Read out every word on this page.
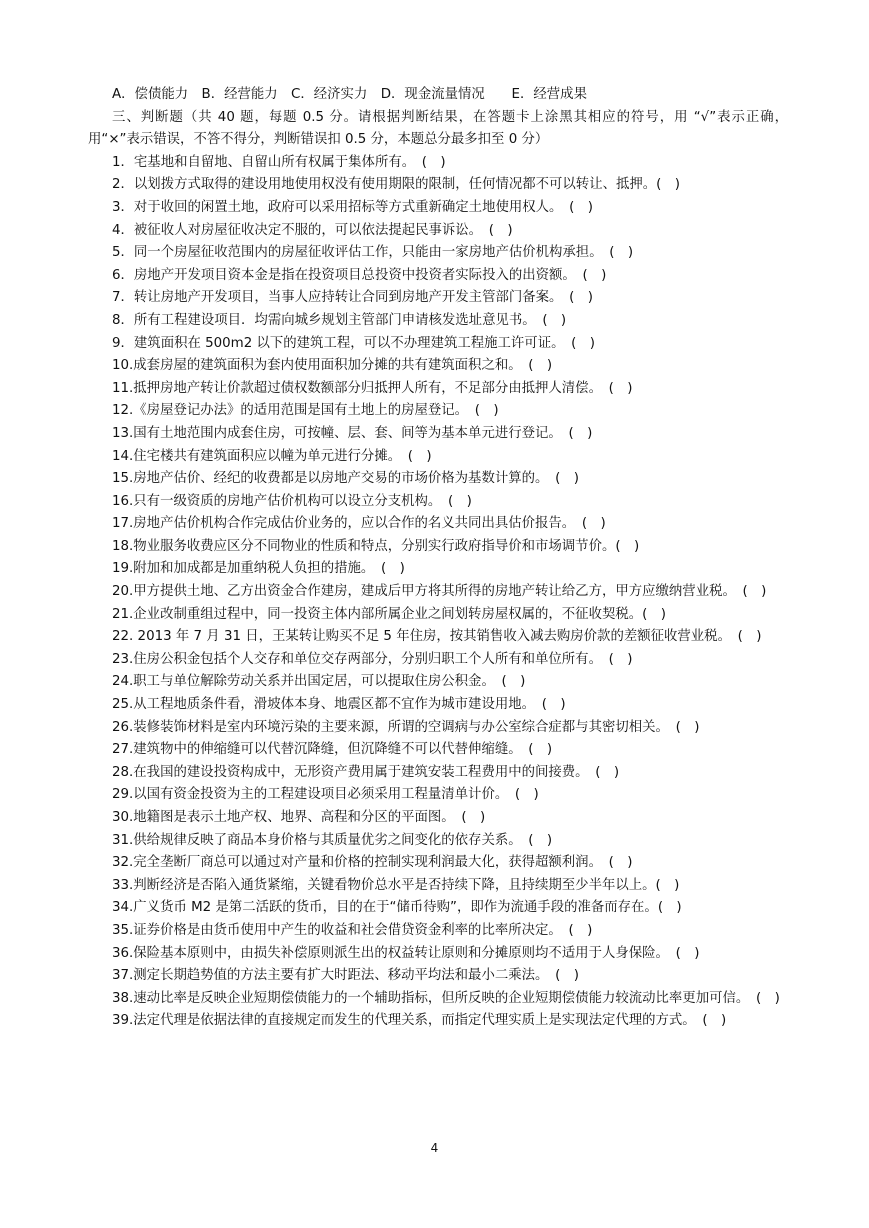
A．偿债能力　B．经营能力　C．经济实力　D．现金流量情况　　E．经营成果
三、判断题（共 40 题，每题 0.5 分。请根据判断结果，在答题卡上涂黑其相应的符号，用 “√”表示正确，用“×”表示错误，不答不得分，判断错误扣 0.5 分，本题总分最多扣至 0 分）
1．宅基地和自留地、自留山所有权属于集体所有。　(　)
2．以划拨方式取得的建设用地使用权没有使用期限的限制，任何情况都不可以转让、抵押。(　)
3．对于收回的闲置土地，政府可以采用招标等方式重新确定土地使用权人。　(　)
4．被征收人对房屋征收决定不服的，可以依法提起民事诉讼。　(　)
5．同一个房屋征收范围内的房屋征收评估工作，只能由一家房地产估价机构承担。　(　)
6．房地产开发项目资本金是指在投资项目总投资中投资者实际投入的出资额。　(　)
7．转让房地产开发项目，当事人应持转让合同到房地产开发主管部门备案。　(　)
8．所有工程建设项目．均需向城乡规划主管部门申请核发选址意见书。　(　)
9．建筑面积在 500m2 以下的建筑工程，可以不办理建筑工程施工许可证。　(　)
10.成套房屋的建筑面积为套内使用面积加分摊的共有建筑面积之和。　(　)
11.抵押房地产转让价款超过债权数额部分归抵押人所有，不足部分由抵押人清偿。　(　)
12.《房屋登记办法》的适用范围是国有土地上的房屋登记。　(　)
13.国有土地范围内成套住房，可按幢、层、套、间等为基本单元进行登记。　(　)
14.住宅楼共有建筑面积应以幢为单元进行分摊。　(　)
15.房地产估价、经纪的收费都是以房地产交易的市场价格为基数计算的。　(　)
16.只有一级资质的房地产估价机构可以设立分支机构。　(　)
17.房地产估价机构合作完成估价业务的，应以合作的名义共同出具估价报告。　(　)
18.物业服务收费应区分不同物业的性质和特点，分别实行政府指导价和市场调节价。(　)
19.附加和加成都是加重纳税人负担的措施。　(　)
20.甲方提供土地、乙方出资金合作建房，建成后甲方将其所得的房地产转让给乙方，甲方应缴纳营业税。　(　)
21.企业改制重组过程中，同一投资主体内部所属企业之间划转房屋权属的，不征收契税。(　)
22. 2013 年 7 月 31 日，王某转让购买不足 5 年住房，按其销售收入减去购房价款的差额征收营业税。　(　)
23.住房公积金包括个人交存和单位交存两部分，分别归职工个人所有和单位所有。　(　)
24.职工与单位解除劳动关系并出国定居，可以提取住房公积金。　(　)
25.从工程地质条件看，滑坡体本身、地震区都不宜作为城市建设用地。　(　)
26.装修装饰材料是室内环境污染的主要来源，所谓的空调病与办公室综合症都与其密切相关。　(　)
27.建筑物中的伸缩缝可以代替沉降缝，但沉降缝不可以代替伸缩缝。　(　)
28.在我国的建设投资构成中，无形资产费用属于建筑安装工程费用中的间接费。　(　)
29.以国有资金投资为主的工程建设项目必须采用工程量清单计价。　(　)
30.地籍图是表示土地产权、地界、高程和分区的平面图。　(　)
31.供给规律反映了商品本身价格与其质量优劣之间变化的依存关系。　(　)
32.完全垄断厂商总可以通过对产量和价格的控制实现利润最大化，获得超额利润。　(　)
33.判断经济是否陷入通货紧缩，关键看物价总水平是否持续下降，且持续期至少半年以上。(　)
34.广义货币 M2 是第二活跃的货币，目的在于“储币待购”，即作为流通手段的准备而存在。(　)
35.证券价格是由货币使用中产生的收益和社会借贷资金利率的比率所决定。　(　)
36.保险基本原则中，由损失补偿原则派生出的权益转让原则和分摊原则均不适用于人身保险。　(　)
37.测定长期趋势值的方法主要有扩大时距法、移动平均法和最小二乘法。　(　)
38.速动比率是反映企业短期偿债能力的一个辅助指标，但所反映的企业短期偿债能力较流动比率更加可信。　(　)
39.法定代理是依据法律的直接规定而发生的代理关系，而指定代理实质上是实现法定代理的方式。　(　)
4
